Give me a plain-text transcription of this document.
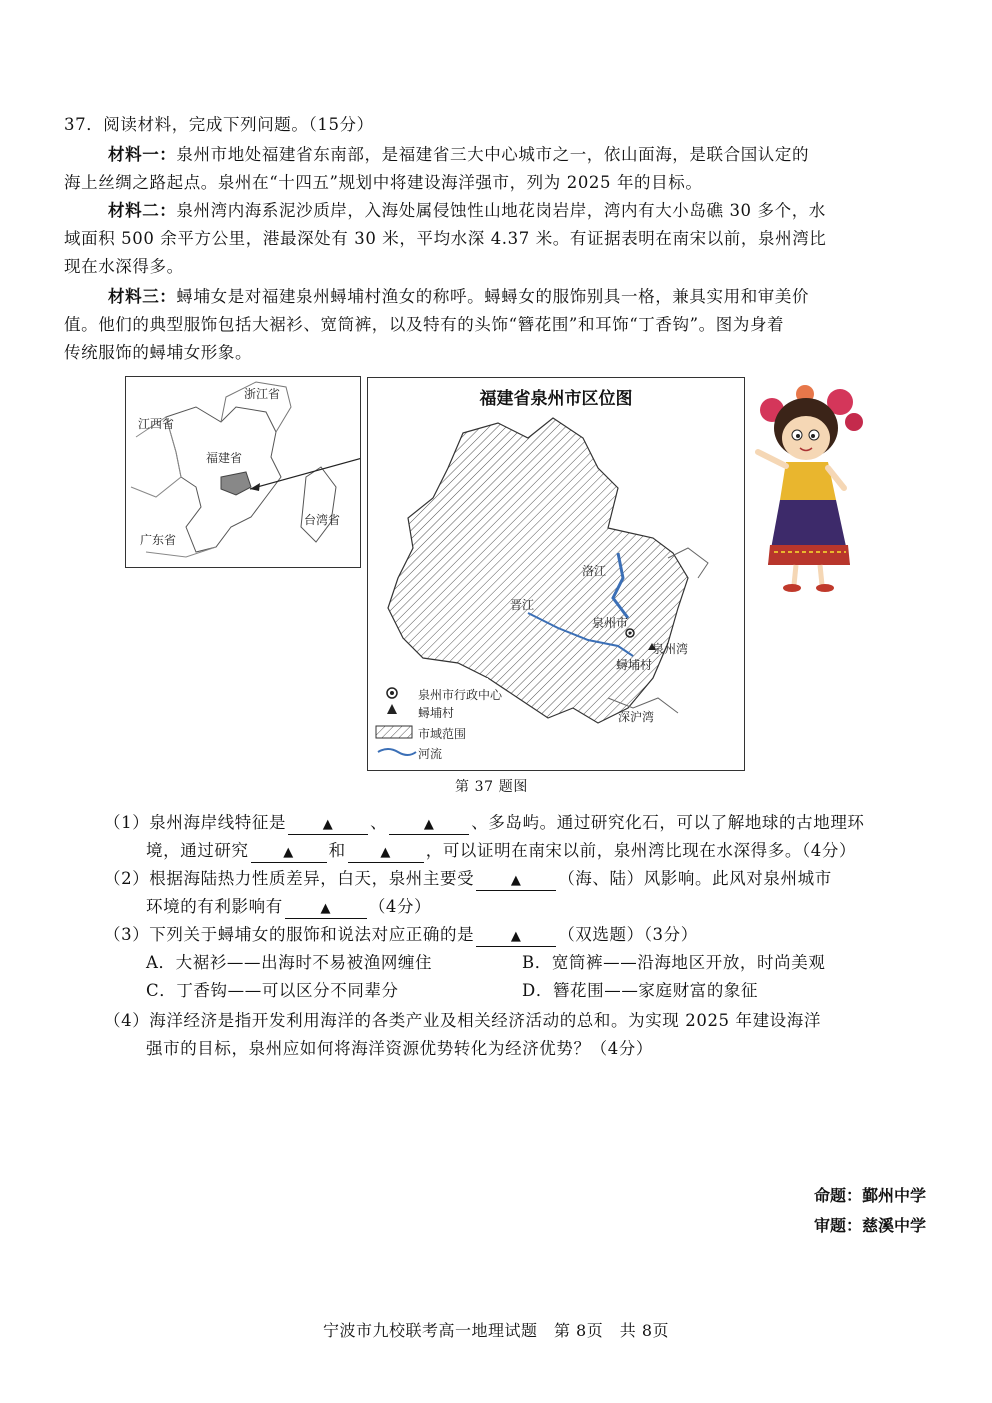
37．阅读材料，完成下列问题。（15分）
材料一：泉州市地处福建省东南部，是福建省三大中心城市之一，依山面海，是联合国认定的
海上丝绸之路起点。泉州在“十四五”规划中将建设海洋强市，列为 2025 年的目标。
材料二：泉州湾内海系泥沙质岸，入海处属侵蚀性山地花岗岩岸，湾内有大小岛礁 30 多个，水
域面积 500 余平方公里，港最深处有 30 米，平均水深 4.37 米。有证据表明在南宋以前，泉州湾比
现在水深得多。
材料三：蟳埔女是对福建泉州蟳埔村渔女的称呼。蟳蟳女的服饰别具一格，兼具实用和审美价
值。他们的典型服饰包括大裾衫、宽筒裤，以及特有的头饰“簪花围”和耳饰“丁香钩”。图为身着
传统服饰的蟳埔女形象。
浙江省
江西省
福建省
台湾省
广东省
福建省泉州市区位图
洛江
晋江
泉州市
泉州湾
蟳埔村
深沪湾
泉州市行政中心
蟳埔村
市域范围
河流
第 37 题图
（1）泉州海岸线特征是	▲ 、	▲ 、多岛屿。通过研究化石，可以了解地球的古地理环
境，通过研究	▲ 和	▲ ，可以证明在南宋以前，泉州湾比现在水深得多。（4分）
（2）根据海陆热力性质差异，白天，泉州主要受	▲ （海、陆）风影响。此风对泉州城市
环境的有利影响有	▲ （4分）
（3）下列关于蟳埔女的服饰和说法对应正确的是	▲ （双选题）（3分）
A．大裾衫——出海时不易被渔网缠住	B．宽筒裤——沿海地区开放，时尚美观
C．丁香钩——可以区分不同辈分	D．簪花围——家庭财富的象征
（4）海洋经济是指开发利用海洋的各类产业及相关经济活动的总和。为实现 2025 年建设海洋
强市的目标，泉州应如何将海洋资源优势转化为经济优势？（4分）
命题：鄞州中学
审题：慈溪中学
宁波市九校联考高一地理试题　第 8页　共 8页
